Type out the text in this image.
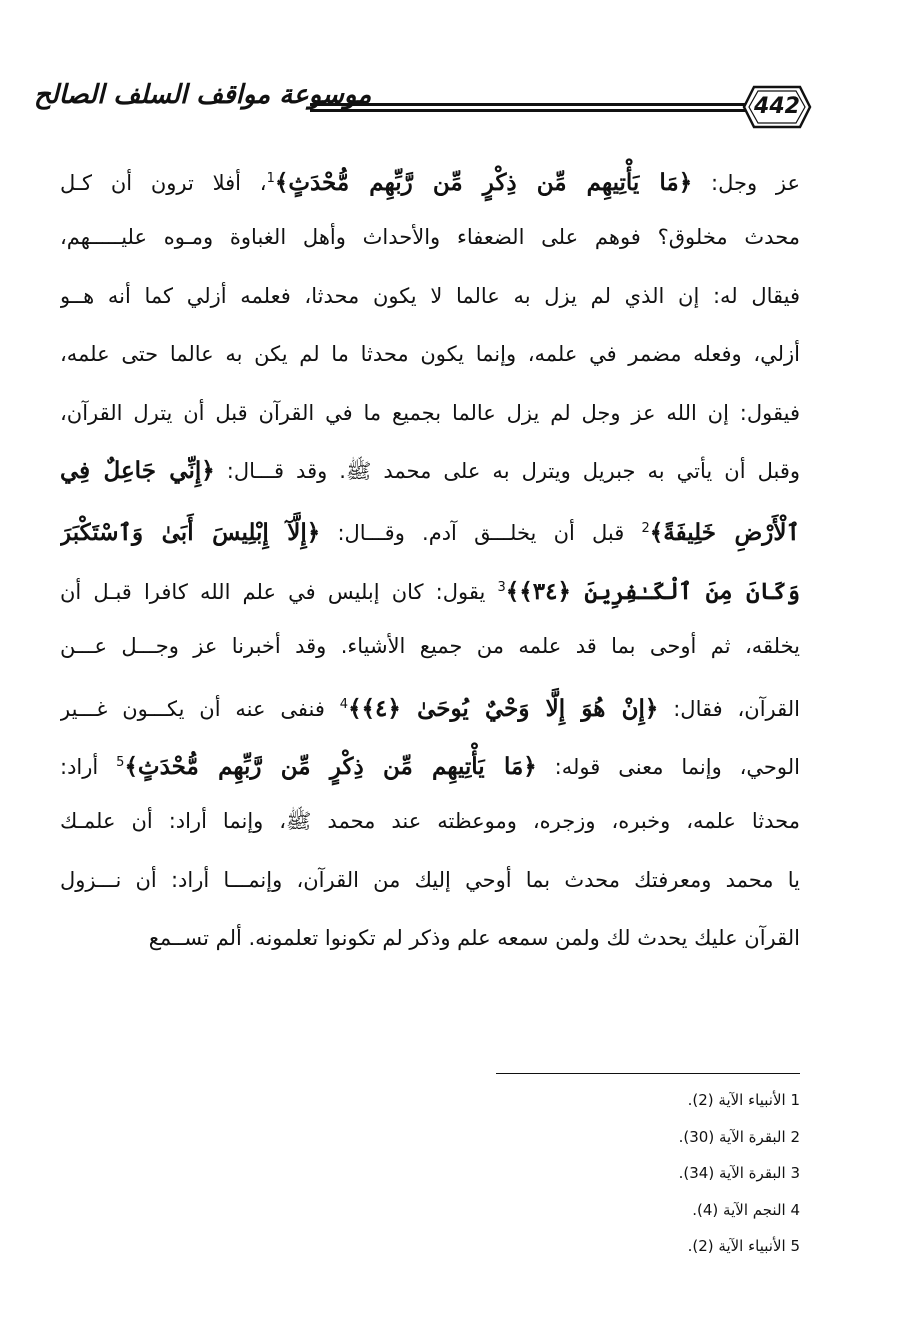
موسوعة مواقف السلف الصالح	442
عز وجل: ﴿مَا يَأْتِيهِم مِّن ذِكْرٍ مِّن رَّبِّهِم مُّحْدَثٍ﴾$^1$، أفلا ترون أن كـل
محدث مخلوق؟ فوهم على الضعفاء والأحداث وأهل الغباوة ومـوه عليـــــهم،
فيقال له: إن الذي لم يزل به عالما لا يكون محدثا، فعلمه أزلي كما أنه هــو
أزلي، وفعله مضمر في علمه، وإنما يكون محدثا ما لم يكن به عالما حتى علمه،
فيقول: إن الله عز وجل لم يزل عالما بجميع ما في القرآن قبل أن يترل القرآن،
وقبل أن يأتي به جبريل ويترل به على محمد ﷺ. وقد قـــال: ﴿إِنِّي جَاعِلٌ فِي
ٱلْأَرْضِ خَلِيفَةً﴾$^2$ قبل أن يخلـــق آدم. وقـــال: ﴿إِلَّآ إِبْلِيسَ أَبَىٰ وَٱسْتَكْبَرَ
وَكَانَ مِنَ ٱلْكَـٰفِرِينَ ﴿٣٤﴾﴾$^3$ يقول: كان إبليس في علم الله كافرا قبـل أن
يخلقه، ثم أوحى بما قد علمه من جميع الأشياء. وقد أخبرنا عز وجـــل عـــن
القرآن، فقال: ﴿إِنْ هُوَ إِلَّا وَحْيٌ يُوحَىٰ ﴿٤﴾﴾$^4$ فنفى عنه أن يكـــون غـــير
الوحي، وإنما معنى قوله: ﴿مَا يَأْتِيهِم مِّن ذِكْرٍ مِّن رَّبِّهِم مُّحْدَثٍ﴾$^5$ أراد:
محدثا علمه، وخبره، وزجره، وموعظته عند محمد ﷺ، وإنما أراد: أن علمـك
يا محمد ومعرفتك محدث بما أوحي إليك من القرآن، وإنمـــا أراد: أن نـــزول
القرآن عليك يحدث لك ولمن سمعه علم وذكر لم تكونوا تعلمونه. ألم تســمع
1 الأنبياء الآية (2).
2 البقرة الآية (30).
3 البقرة الآية (34).
4 النجم الآية (4).
5 الأنبياء الآية (2).
